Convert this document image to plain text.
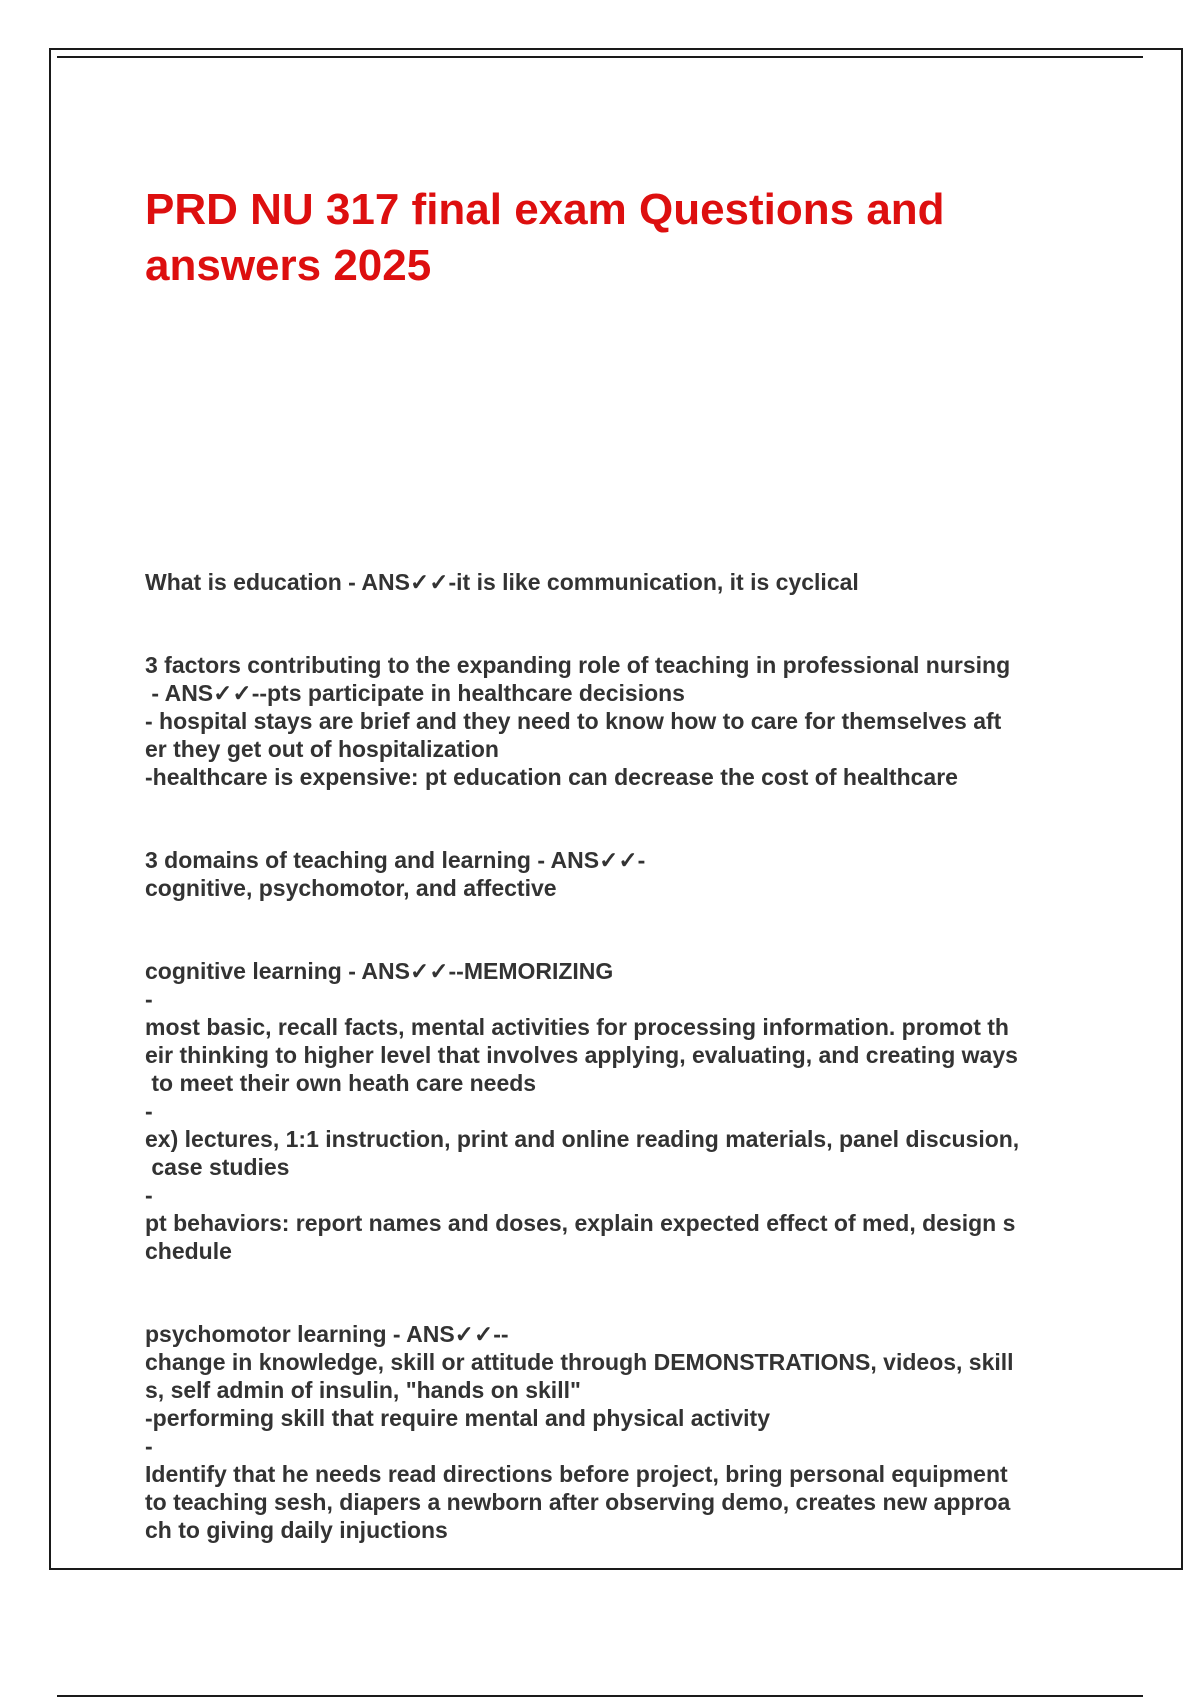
PRD NU 317 final exam Questions and
answers 2025
What is education - ANS✓✓-it is like communication, it is cyclical
3 factors contributing to the expanding role of teaching in professional nursing
- ANS✓✓--pts participate in healthcare decisions
- hospital stays are brief and they need to know how to care for themselves aft
er they get out of hospitalization
-healthcare is expensive: pt education can decrease the cost of healthcare
3 domains of teaching and learning - ANS✓✓-
cognitive, psychomotor, and affective
cognitive learning - ANS✓✓--MEMORIZING
-
most basic, recall facts, mental activities for processing information. promot th
eir thinking to higher level that involves applying, evaluating, and creating ways
to meet their own heath care needs
-
ex) lectures, 1:1 instruction, print and online reading materials, panel discusion,
case studies
-
pt behaviors: report names and doses, explain expected effect of med, design s
chedule
psychomotor learning - ANS✓✓--
change in knowledge, skill or attitude through DEMONSTRATIONS, videos, skill
s, self admin of insulin, "hands on skill"
-performing skill that require mental and physical activity
-
Identify that he needs read directions before project, bring personal equipment
to teaching sesh, diapers a newborn after observing demo, creates new approa
ch to giving daily injuctions
